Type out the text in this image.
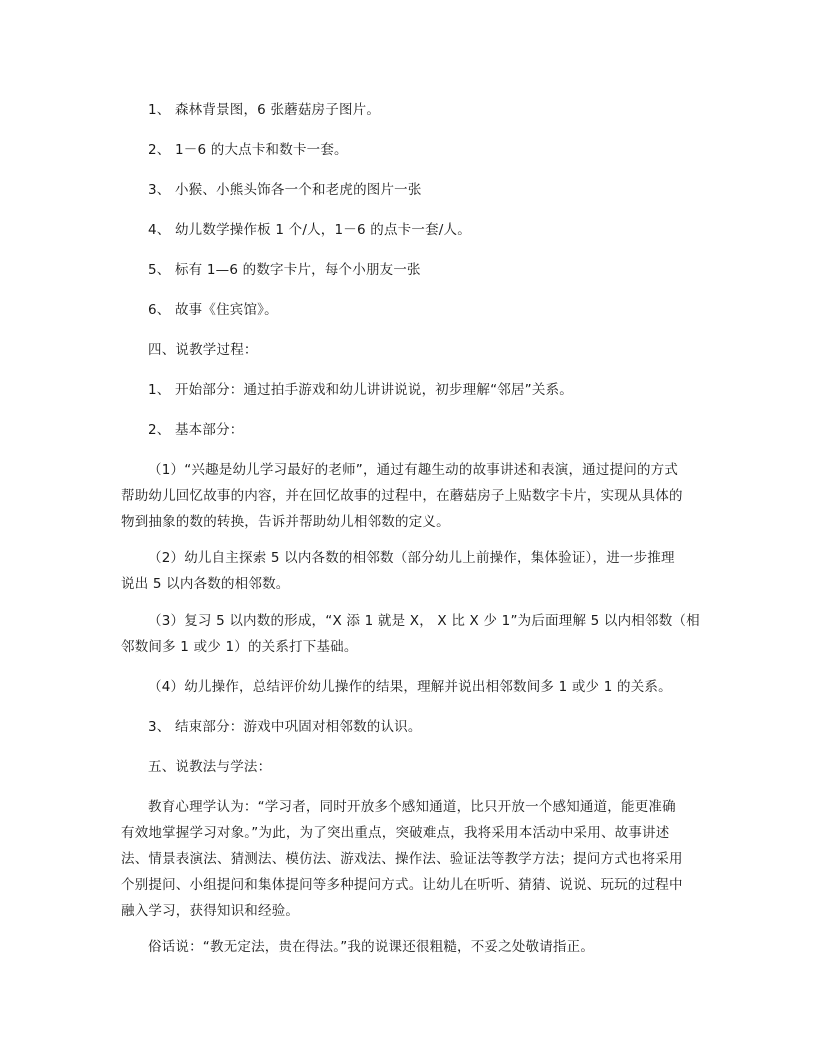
1、 森林背景图，6 张蘑菇房子图片。
2、 1－6 的大点卡和数卡一套。
3、 小猴、小熊头饰各一个和老虎的图片一张
4、 幼儿数学操作板 1 个/人，1－6 的点卡一套/人。
5、 标有 1—6 的数字卡片，每个小朋友一张
6、 故事《住宾馆》。
四、说教学过程：
1、 开始部分：通过拍手游戏和幼儿讲讲说说，初步理解“邻居”关系。
2、 基本部分：
（1）“兴趣是幼儿学习最好的老师”，通过有趣生动的故事讲述和表演，通过提问的方式
帮助幼儿回忆故事的内容，并在回忆故事的过程中，在蘑菇房子上贴数字卡片，实现从具体的
物到抽象的数的转换，告诉并帮助幼儿相邻数的定义。
（2）幼儿自主探索 5 以内各数的相邻数（部分幼儿上前操作，集体验证），进一步推理
说出 5 以内各数的相邻数。
（3）复习 5 以内数的形成，“X 添 1 就是 X， X 比 X 少 1”为后面理解 5 以内相邻数（相
邻数间多 1 或少 1）的关系打下基础。
（4）幼儿操作，总结评价幼儿操作的结果，理解并说出相邻数间多 1 或少 1 的关系。
3、 结束部分：游戏中巩固对相邻数的认识。
五、说教法与学法：
教育心理学认为：“学习者，同时开放多个感知通道，比只开放一个感知通道，能更准确
有效地掌握学习对象。”为此，为了突出重点，突破难点，我将采用本活动中采用、故事讲述
法、情景表演法、猜测法、模仿法、游戏法、操作法、验证法等教学方法；提问方式也将采用
个别提问、小组提问和集体提问等多种提问方式。让幼儿在听听、猜猜、说说、玩玩的过程中
融入学习，获得知识和经验。
俗话说：“教无定法，贵在得法。”我的说课还很粗糙，不妥之处敬请指正。
